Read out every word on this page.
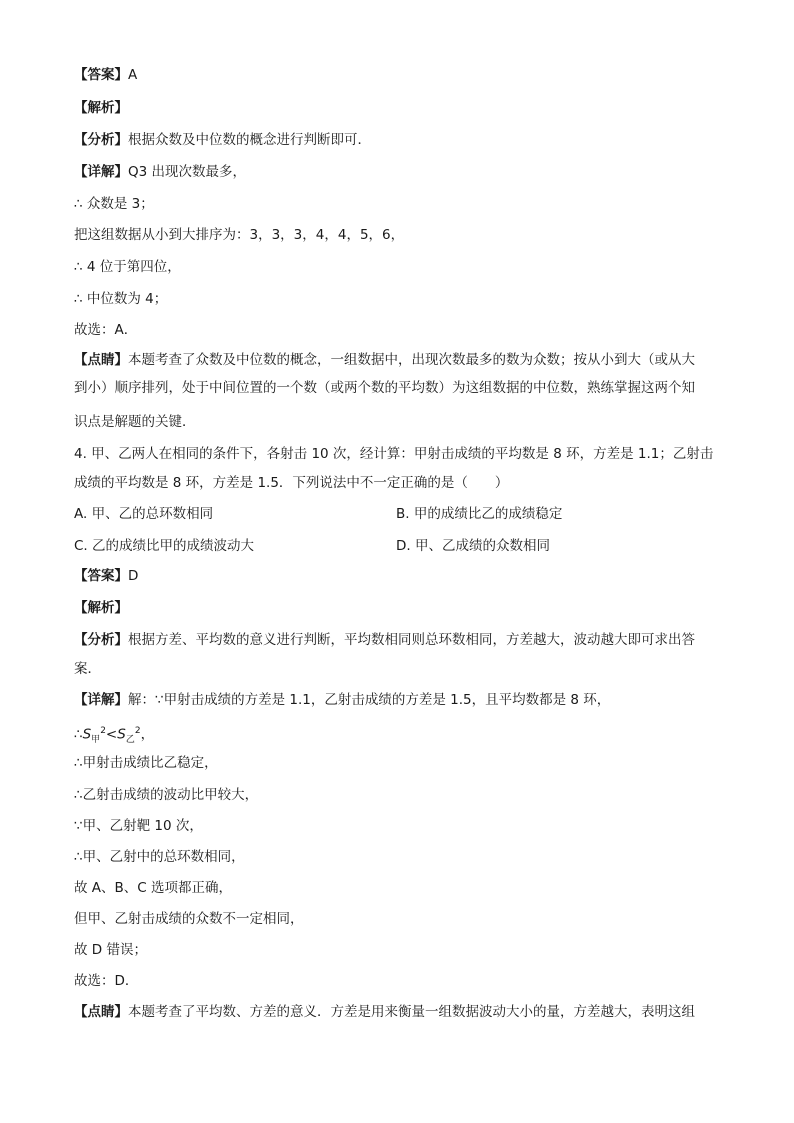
【答案】A

【解析】

【分析】根据众数及中位数的概念进行判断即可．

【详解】Q3 出现次数最多，

∴ 众数是 3；

把这组数据从小到大排序为：3，3，3，4，4，5，6，

∴ 4 位于第四位，

∴ 中位数为 4；

故选：A．

【点睛】本题考查了众数及中位数的概念，一组数据中，出现次数最多的数为众数；按从小到大（或从大

到小）顺序排列，处于中间位置的一个数（或两个数的平均数）为这组数据的中位数，熟练掌握这两个知

识点是解题的关键．

4. 甲、乙两人在相同的条件下，各射击 10 次，经计算：甲射击成绩的平均数是 8 环，方差是 1.1；乙射击

成绩的平均数是 8 环，方差是 1.5．下列说法中不一定正确的是（　　）

A. 甲、乙的总环数相同	B. 甲的成绩比乙的成绩稳定
C. 乙的成绩比甲的成绩波动大	D. 甲、乙成绩的众数相同

【答案】D

【解析】

【分析】根据方差、平均数的意义进行判断，平均数相同则总环数相同，方差越大，波动越大即可求出答

案．

【详解】解：∵甲射击成绩的方差是 1.1，乙射击成绩的方差是 1.5，且平均数都是 8 环，

$\therefore S_甲^2<S_乙^2$，

∴甲射击成绩比乙稳定，

∴乙射击成绩的波动比甲较大，

∵甲、乙射靶 10 次，

∴甲、乙射中的总环数相同，

故 A、B、C 选项都正确，

但甲、乙射击成绩的众数不一定相同，

故 D 错误；

故选：D．

【点睛】本题考查了平均数、方差的意义．方差是用来衡量一组数据波动大小的量，方差越大，表明这组
